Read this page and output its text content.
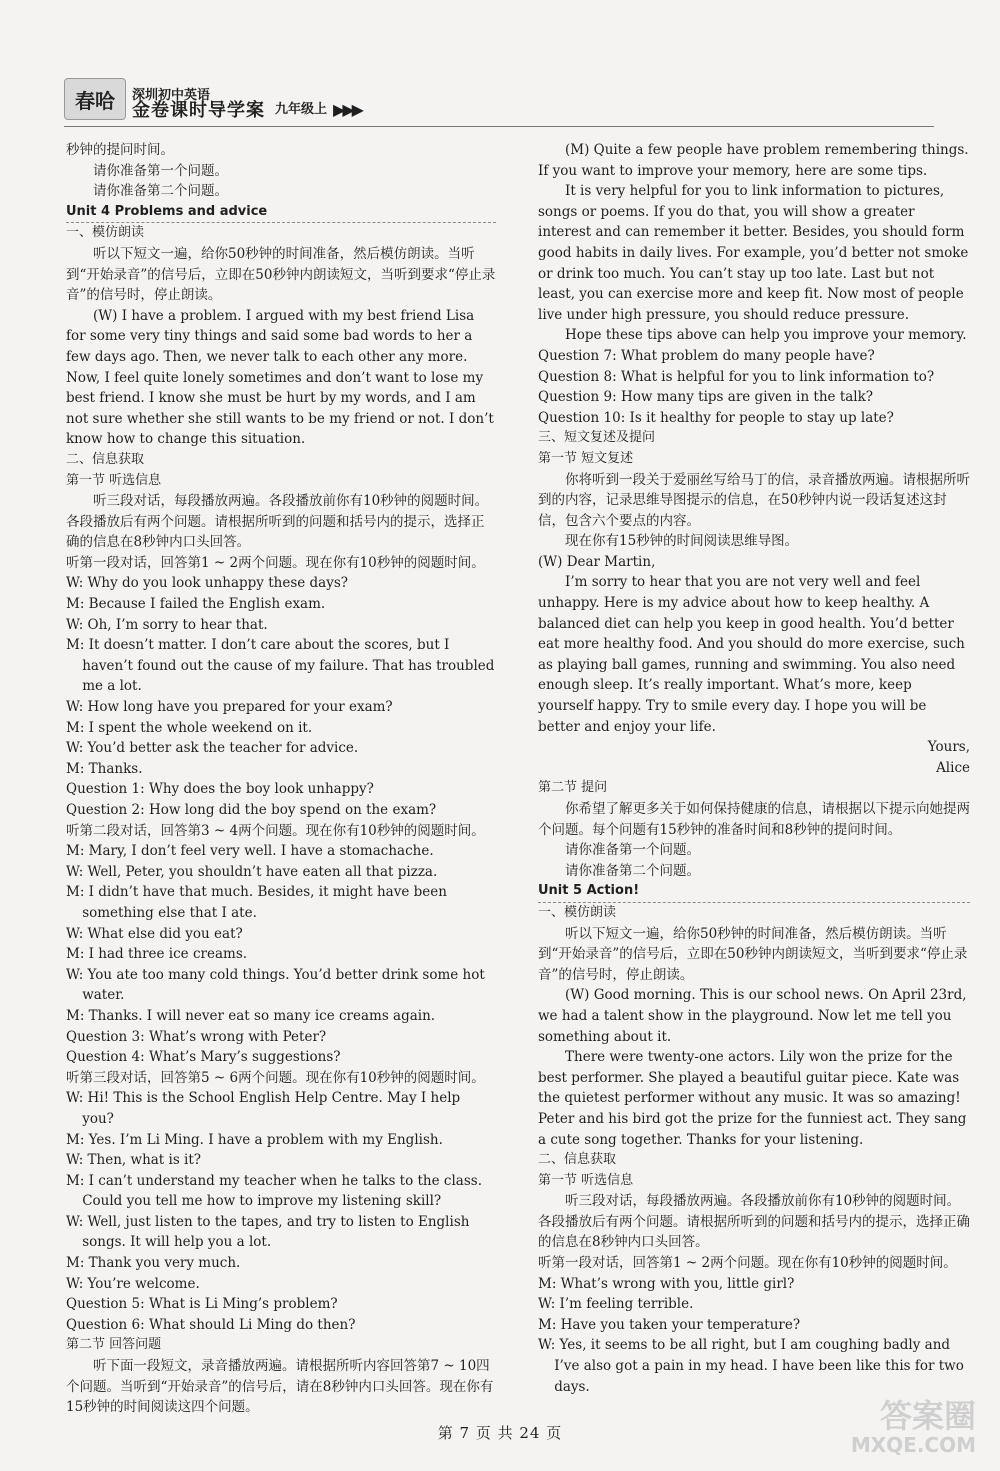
春哈	深圳初中英语
金卷课时导学案 九年级上 ▶▶▶

秒钟的提问时间。

请你准备第一个问题。

请你准备第二个问题。

Unit 4 Problems and advice

一、模仿朗读

听以下短文一遍，给你50秒钟的时间准备，然后模仿朗读。当听到“开始录音”的信号后，立即在50秒钟内朗读短文，当听到要求“停止录音”的信号时，停止朗读。

(W) I have a problem. I argued with my best friend Lisa for some very tiny things and said some bad words to her a few days ago. Then, we never talk to each other any more. Now, I feel quite lonely sometimes and don’t want to lose my best friend. I know she must be hurt by my words, and I am not sure whether she still wants to be my friend or not. I don’t know how to change this situation.

二、信息获取

第一节 听选信息

听三段对话，每段播放两遍。各段播放前你有10秒钟的阅题时间。各段播放后有两个问题。请根据所听到的问题和括号内的提示，选择正确的信息在8秒钟内口头回答。

听第一段对话，回答第1 ~ 2两个问题。现在你有10秒钟的阅题时间。

W: Why do you look unhappy these days?

M: Because I failed the English exam.

W: Oh, I’m sorry to hear that.

M: It doesn’t matter. I don’t care about the scores, but I haven’t found out the cause of my failure. That has troubled me a lot.

W: How long have you prepared for your exam?

M: I spent the whole weekend on it.

W: You’d better ask the teacher for advice.

M: Thanks.

Question 1: Why does the boy look unhappy?

Question 2: How long did the boy spend on the exam?

听第二段对话，回答第3 ~ 4两个问题。现在你有10秒钟的阅题时间。

M: Mary, I don’t feel very well. I have a stomachache.

W: Well, Peter, you shouldn’t have eaten all that pizza.

M: I didn’t have that much. Besides, it might have been something else that I ate.

W: What else did you eat?

M: I had three ice creams.

W: You ate too many cold things. You’d better drink some hot water.

M: Thanks. I will never eat so many ice creams again.

Question 3: What’s wrong with Peter?

Question 4: What’s Mary’s suggestions?

听第三段对话，回答第5 ~ 6两个问题。现在你有10秒钟的阅题时间。

W: Hi! This is the School English Help Centre. May I help you?

M: Yes. I’m Li Ming. I have a problem with my English.

W: Then, what is it?

M: I can’t understand my teacher when he talks to the class. Could you tell me how to improve my listening skill?

W: Well, just listen to the tapes, and try to listen to English songs. It will help you a lot.

M: Thank you very much.

W: You’re welcome.

Question 5: What is Li Ming’s problem?

Question 6: What should Li Ming do then?

第二节 回答问题

听下面一段短文，录音播放两遍。请根据所听内容回答第7 ~ 10四个问题。当听到“开始录音”的信号后，请在8秒钟内口头回答。现在你有15秒钟的时间阅读这四个问题。

(M) Quite a few people have problem remembering things. If you want to improve your memory, here are some tips.

It is very helpful for you to link information to pictures, songs or poems. If you do that, you will show a greater interest and can remember it better. Besides, you should form good habits in daily lives. For example, you’d better not smoke or drink too much. You can’t stay up too late. Last but not least, you can exercise more and keep fit. Now most of people live under high pressure, you should reduce pressure.

Hope these tips above can help you improve your memory.

Question 7: What problem do many people have?

Question 8: What is helpful for you to link information to?

Question 9: How many tips are given in the talk?

Question 10: Is it healthy for people to stay up late?

三、短文复述及提问

第一节 短文复述

你将听到一段关于爱丽丝写给马丁的信，录音播放两遍。请根据所听到的内容，记录思维导图提示的信息，在50秒钟内说一段话复述这封信，包含六个要点的内容。

现在你有15秒钟的时间阅读思维导图。

(W) Dear Martin,

I’m sorry to hear that you are not very well and feel unhappy. Here is my advice about how to keep healthy. A balanced diet can help you keep in good health. You’d better eat more healthy food. And you should do more exercise, such as playing ball games, running and swimming. You also need enough sleep. It’s really important. What’s more, keep yourself happy. Try to smile every day. I hope you will be better and enjoy your life.

Yours,

Alice

第二节 提问

你希望了解更多关于如何保持健康的信息，请根据以下提示向她提两个问题。每个问题有15秒钟的准备时间和8秒钟的提问时间。

请你准备第一个问题。

请你准备第二个问题。

Unit 5 Action!

一、模仿朗读

听以下短文一遍，给你50秒钟的时间准备，然后模仿朗读。当听到“开始录音”的信号后，立即在50秒钟内朗读短文，当听到要求“停止录音”的信号时，停止朗读。

(W) Good morning. This is our school news. On April 23rd, we had a talent show in the playground. Now let me tell you something about it.

There were twenty-one actors. Lily won the prize for the best performer. She played a beautiful guitar piece. Kate was the quietest performer without any music. It was so amazing! Peter and his bird got the prize for the funniest act. They sang a cute song together. Thanks for your listening.

二、信息获取

第一节 听选信息

听三段对话，每段播放两遍。各段播放前你有10秒钟的阅题时间。各段播放后有两个问题。请根据所听到的问题和括号内的提示，选择正确的信息在8秒钟内口头回答。

听第一段对话，回答第1 ~ 2两个问题。现在你有10秒钟的阅题时间。

M: What’s wrong with you, little girl?

W: I’m feeling terrible.

M: Have you taken your temperature?

W: Yes, it seems to be all right, but I am coughing badly and I’ve also got a pain in my head. I have been like this for two days.

第 7 页 共 24 页	答案圈
MXQE.COM
